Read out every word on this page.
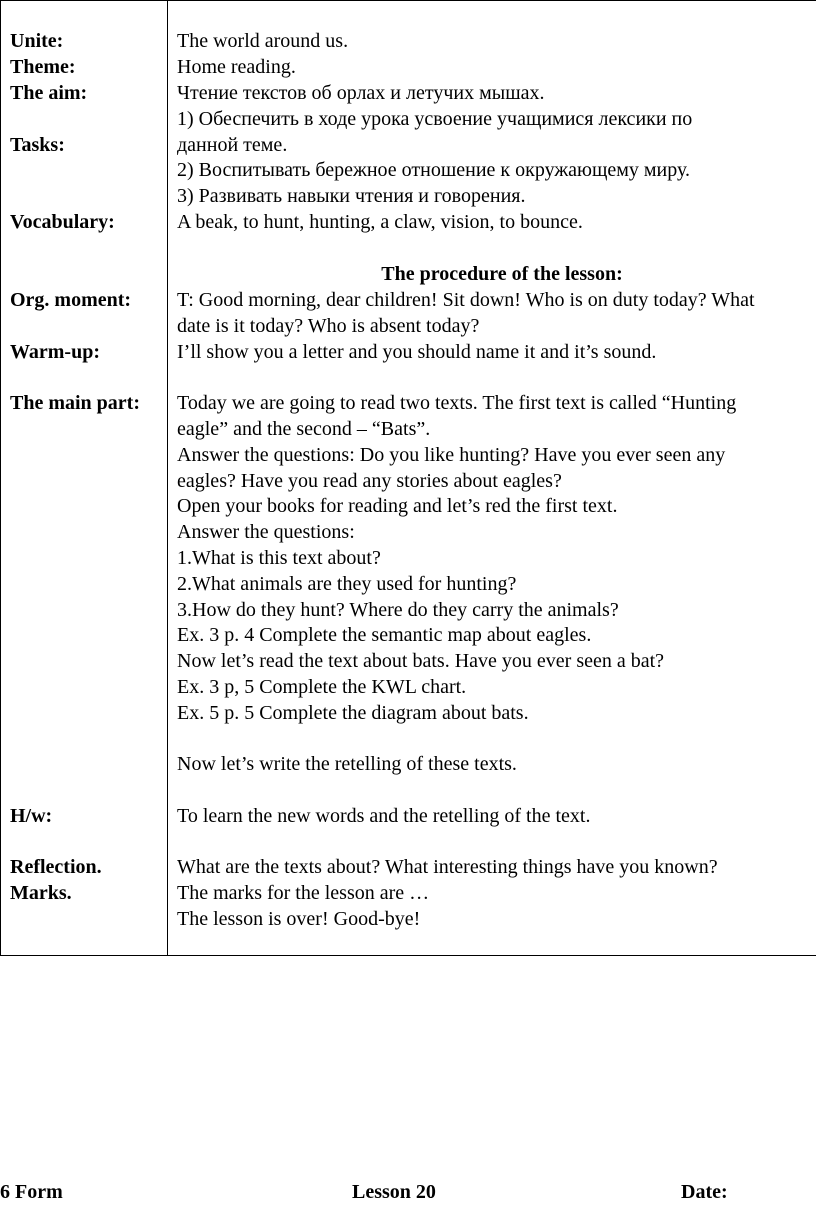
Unite:
Theme:
The aim:
Tasks:
Vocabulary:
Org. moment:
Warm-up:
The main part:
H/w:
Reflection.
Marks.
The world around us.
Home reading.
Чтение текстов об орлах и летучих мышах.
1) Обеспечить в ходе урока усвоение учащимися лексики по
данной теме.
2) Воспитывать бережное отношение к окружающему миру.
3) Развивать навыки чтения и говорения.
A beak, to hunt, hunting, a claw, vision, to bounce.
The procedure of the lesson:
T: Good morning, dear children! Sit down! Who is on duty today? What
date is it today? Who is absent today?
I’ll show you a letter and you should name it and it’s sound.
Today we are going to read two texts. The first text is called “Hunting
eagle” and the second – “Bats”.
Answer the questions: Do you like hunting? Have you ever seen any
eagles? Have you read any stories about eagles?
Open your books for reading and let’s red the first text.
Answer the questions:
1.What is this text about?
2.What animals are they used for hunting?
3.How do they hunt? Where do they carry the animals?
Ex. 3 p. 4 Complete the semantic map about eagles.
Now let’s read the text about bats. Have you ever seen a bat?
Ex. 3 p, 5 Complete the KWL chart.
Ex. 5 p. 5 Complete the diagram about bats.
Now let’s write the retelling of these texts.
To learn the new words and the retelling of the text.
What are the texts about? What interesting things have you known?
The marks for the lesson are …
The lesson is over! Good-bye!
6 Form	Lesson 20	Date:
